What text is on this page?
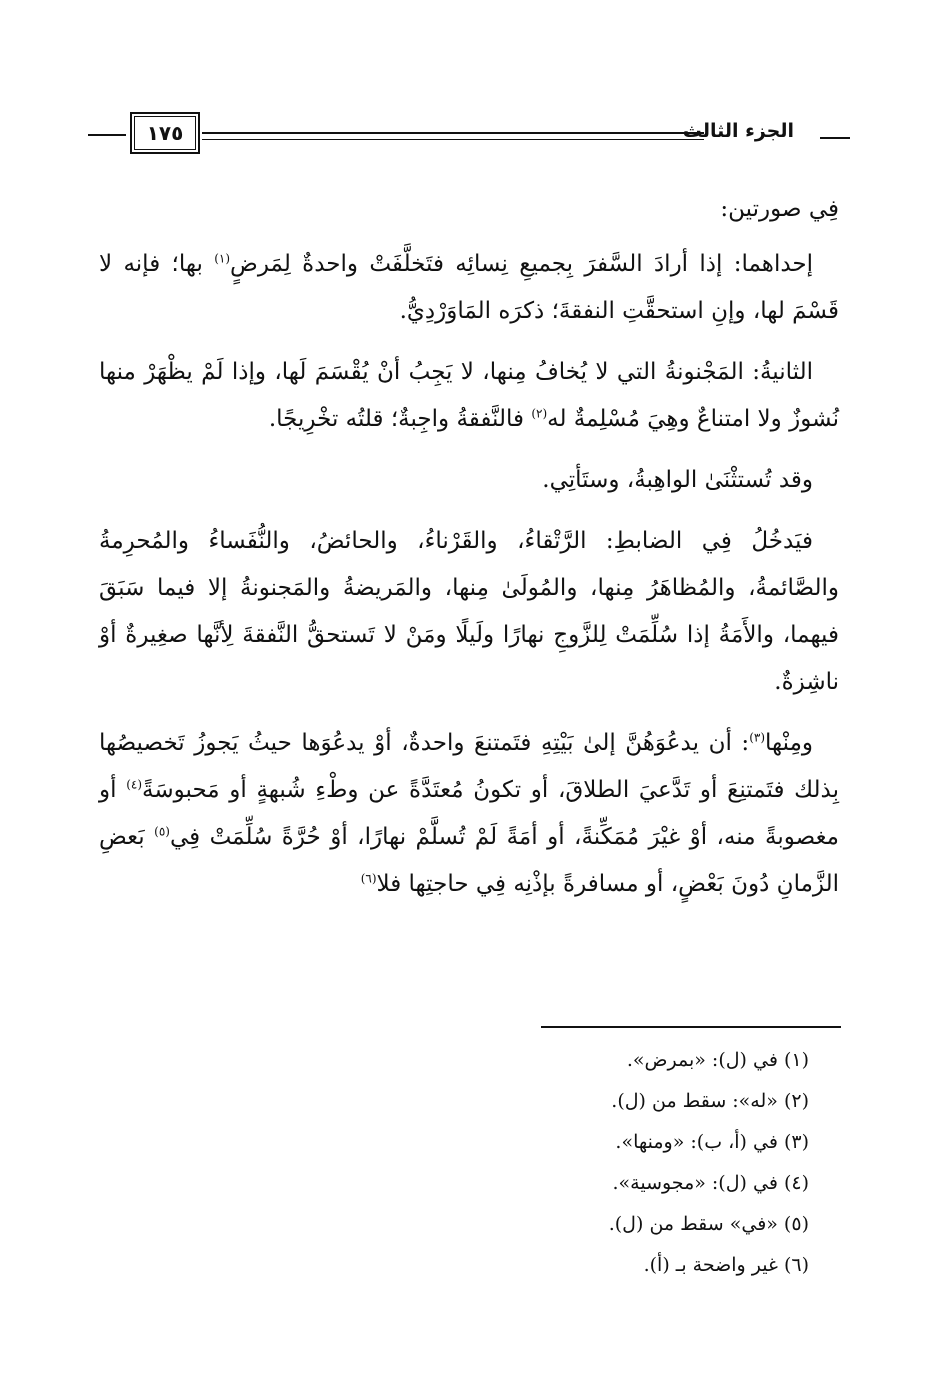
الجزء الثالث
١٧٥

فِي صورتين:

إحداهما: إذا أرادَ السَّفرَ بِجميعِ نِسائِه فتَخلَّفَتْ واحدةٌ لِمَرضٍ$^{(١)}$ بها؛ فإنه لا قَسْمَ لها، وإنِ استحقَّتِ النفقةَ؛ ذكرَه المَاوَرْدِيُّ.

الثانيةُ: المَجْنونةُ التي لا يُخافُ مِنها، لا يَجِبُ أنْ يُقْسَمَ لَها، وإذا لَمْ يظْهَرْ منها نُشوزٌ ولا امتناعٌ وهِيَ مُسْلِمةٌ له$^{(٢)}$ فالنَّفقةُ واجِبةٌ؛ قلتُه تخْرِيجًا.

وقد تُستثْنَىٰ الواهِبةُ، وستَأتِي.

فيَدخُلُ فِي الضابطِ: الرَّتْقاءُ، والقَرْناءُ، والحائضُ، والنُّفَساءُ والمُحرِمةُ والصَّائمةُ، والمُظاهَرُ مِنها، والمُولَىٰ مِنها، والمَريضةُ والمَجنونةُ إلا فيما سَبَقَ فيهما، والأَمَةُ إذا سُلِّمَتْ لِلزَّوجِ نهارًا ولَيلًا ومَنْ لا تَستحقُّ النَّفقةَ لِأنَّها صغِيرةٌ أوْ ناشِزةٌ.

ومِنْها$^{(٣)}$: أن يدعُوَهُنَّ إلىٰ بَيْتِهِ فتَمتنعَ واحدةٌ، أوْ يدعُوَها حيثُ يَجوزُ تَخصيصُها بِذلك فتَمتنِعَ أو تَدَّعيَ الطلاقَ، أو تكونُ مُعتَدَّةً عن وطْءِ شُبهةٍ أو مَحبوسَةً$^{(٤)}$ أو مغصوبةً منه، أوْ غيْرَ مُمَكِّنةً، أو أمَةً لَمْ تُسلَّمْ نهارًا، أوْ حُرَّةً سُلِّمَتْ فِي$^{(٥)}$ بَعضِ الزَّمانِ دُونَ بَعْضٍ، أو مسافرةً بإذْنِه فِي حاجتِها فلا$^{(٦)}$

(١) في (ل): «بمرض».
(٢) «له»: سقط من (ل).
(٣) في (أ، ب): «ومنها».
(٤) في (ل): «مجوسية».
(٥) «في» سقط من (ل).
(٦) غير واضحة بـ (أ).
